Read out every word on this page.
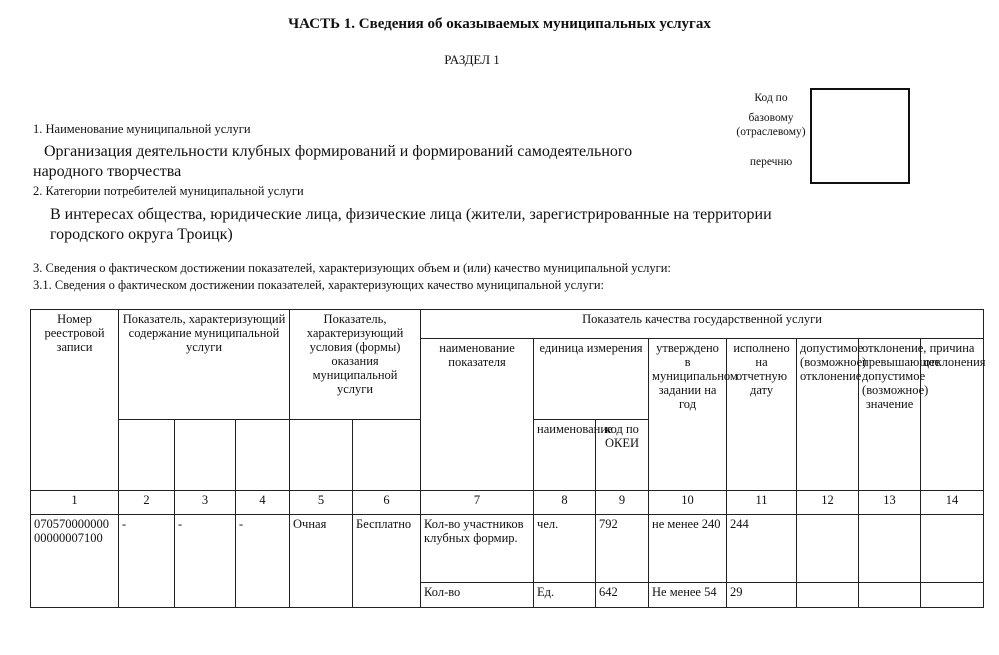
ЧАСТЬ 1. Сведения об оказываемых муниципальных услугах
РАЗДЕЛ 1
Код по
базовому
(отраслевому)
перечню
1. Наименование муниципальной услуги
Организация деятельности клубных формирований и формирований самодеятельного
народного творчества
2. Категории потребителей муниципальной услуги
В интересах общества, юридические лица, физические лица (жители, зарегистрированные на территории
городского округа Троицк)
3. Сведения о фактическом достижении показателей, характеризующих объем и (или) качество муниципальной услуги:
3.1. Сведения о фактическом достижении показателей, характеризующих качество муниципальной услуги:
Номер реестровой записи	Показатель, характеризующий содержание муниципальной услуги			Показатель, характеризующий условия (формы) оказания муниципальной услуги		Показатель качества государственной услуги							
						наименование показателя	единица измерения		утверждено в муниципальном задании на год	исполнено на отчетную дату	допустимое (возможное) отклонение	отклонение, превышающее допустимое (возможное) значение	причина отклонения
							наименование	код по ОКЕИ					
1	2	3	4	5	6	7	8	9	10	11	12	13	14
07057000000000000007100	-	-	-	Очная	Бесплатно	Кол-во участников клубных формир.	чел.	792	не менее 240	244			
						Кол-во	Ед.	642	Не менее 54	29			
